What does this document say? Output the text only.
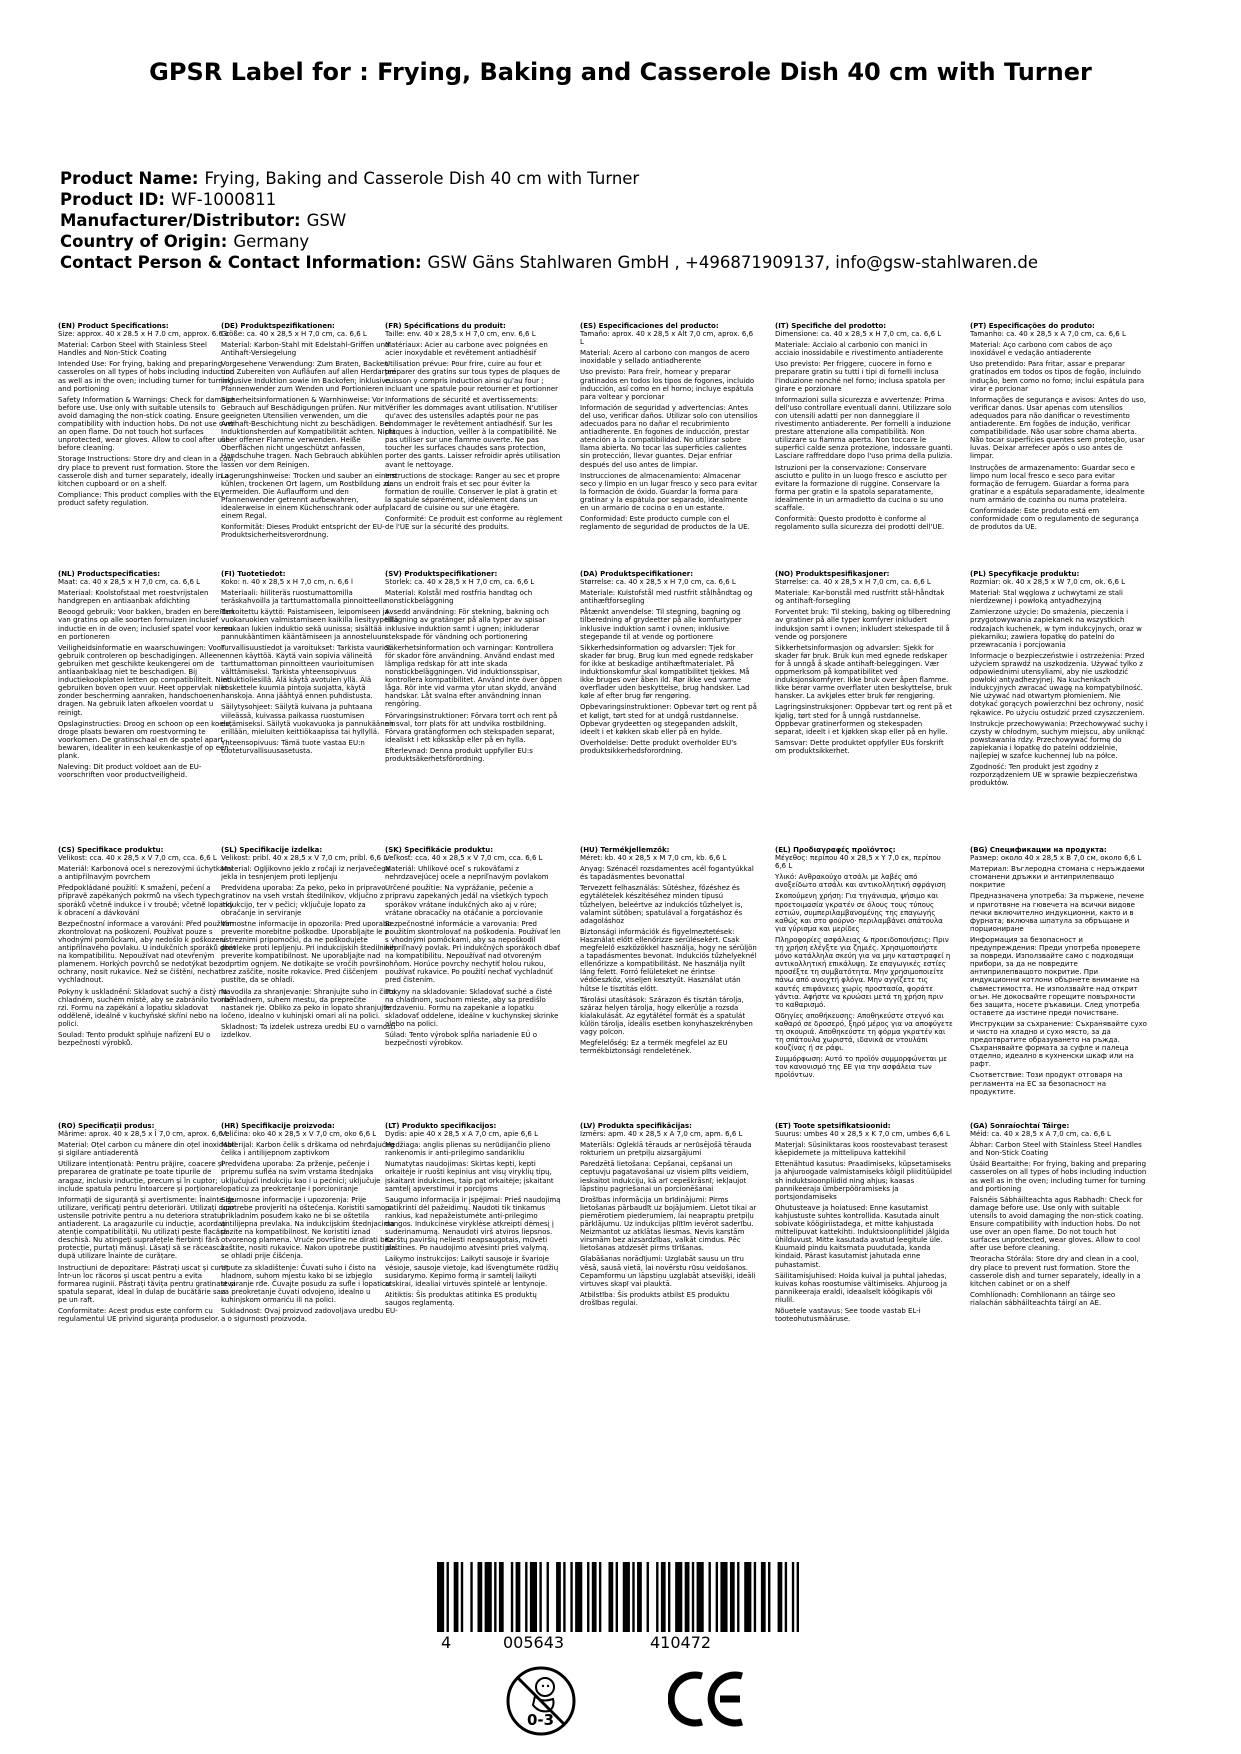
GPSR Label for : Frying, Baking and Casserole Dish 40 cm with Turner
Product Name: Frying, Baking and Casserole Dish 40 cm with Turner
Product ID: WF-1000811
Manufacturer/Distributor: GSW
Country of Origin: Germany
Contact Person & Contact Information: GSW Gäns Stahlwaren GmbH , +496871909137, info@gsw-stahlwaren.de
(EN) Product Specifications:

Size: approx. 40 x 28.5 x H 7.0 cm, approx. 6.6 L

Material: Carbon Steel with Stainless Steel Handles and Non-Stick Coating

Intended Use: For frying, baking and preparing casseroles on all types of hobs including induction as well as in the oven; including turner for turning and portioning

Safety Information & Warnings: Check for damage before use. Use only with suitable utensils to avoid damaging the non-stick coating. Ensure compatibility with induction hobs. Do not use over an open flame. Do not touch hot surfaces unprotected, wear gloves. Allow to cool after use before cleaning.

Storage Instructions: Store dry and clean in a cool, dry place to prevent rust formation. Store the casserole dish and turner separately, ideally in a kitchen cupboard or on a shelf.

Compliance: This product complies with the EU product safety regulation.

(DE) Produktspezifikationen:

Größe: ca. 40 x 28,5 x H 7,0 cm, ca. 6,6 L

Material: Karbon-Stahl mit Edelstahl-Griffen und Antihaft-Versiegelung

Vorgesehene Verwendung: Zum Braten, Backen und Zubereiten von Aufläufen auf allen Herdarten inklusive Induktion sowie im Backofen; inklusive Pfannenwender zum Wenden und Portionieren

Sicherheitsinformationen & Warnhinweise: Vor Gebrauch auf Beschädigungen prüfen. Nur mit geeigneten Utensilien verwenden, um die Antihaft-Beschichtung nicht zu beschädigen. Bei Induktionsherden auf Kompatibilität achten. Nicht über offener Flamme verwenden. Heiße Oberflächen nicht ungeschützt anfassen, Handschuhe tragen. Nach Gebrauch abkühlen lassen vor dem Reinigen.

Lagerungshinweise: Trocken und sauber an einem kühlen, trockenen Ort lagern, um Rostbildung zu vermeiden. Die Auflaufform und den Pfannenwender getrennt aufbewahren, idealerweise in einem Küchenschrank oder auf einem Regal.

Konformität: Dieses Produkt entspricht der EU-Produktsicherheitsverordnung.

(FR) Spécifications du produit:

Taille: env. 40 x 28,5 x H 7,0 cm, env. 6,6 L

Matériaux: Acier au carbone avec poignées en acier inoxydable et revêtement antiadhésif

Utilisation prévue: Pour frire, cuire au four et préparer des gratins sur tous types de plaques de cuisson y compris induction ainsi qu'au four ; incluant une spatule pour retourner et portionner

Informations de sécurité et avertissements: Vérifier les dommages avant utilisation. N'utiliser qu'avec des ustensiles adaptés pour ne pas endommager le revêtement antiadhésif. Sur les plaques à induction, veiller à la compatibilité. Ne pas utiliser sur une flamme ouverte. Ne pas toucher les surfaces chaudes sans protection, porter des gants. Laisser refroidir après utilisation avant le nettoyage.

Instructions de stockage: Ranger au sec et propre dans un endroit frais et sec pour éviter la formation de rouille. Conserver le plat à gratin et la spatule séparément, idéalement dans un placard de cuisine ou sur une étagère.

Conformité: Ce produit est conforme au règlement de l'UE sur la sécurité des produits.

(ES) Especificaciones del producto:

Tamaño: aprox. 40 x 28,5 x Alt 7,0 cm, aprox. 6,6 L

Material: Acero al carbono con mangos de acero inoxidable y sellado antiadherente

Uso previsto: Para freír, hornear y preparar gratinados en todos los tipos de fogones, incluido inducción, así como en el horno; incluye espátula para voltear y porcionar

Información de seguridad y advertencias: Antes del uso, verificar daños. Utilizar solo con utensilios adecuados para no dañar el recubrimiento antiadherente. En fogones de inducción, prestar atención a la compatibilidad. No utilizar sobre llama abierta. No tocar las superficies calientes sin protección, llevar guantes. Dejar enfriar después del uso antes de limpiar.

Instrucciones de almacenamiento: Almacenar seco y limpio en un lugar fresco y seco para evitar la formación de óxido. Guardar la forma para gratinar y la espátula por separado, idealmente en un armario de cocina o en un estante.

Conformidad: Este producto cumple con el reglamento de seguridad de productos de la UE.

(IT) Specifiche del prodotto:

Dimensione: ca. 40 x 28,5 x H 7,0 cm, ca. 6,6 L

Materiale: Acciaio al carbonio con manici in acciaio inossidabile e rivestimento antiaderente

Uso previsto: Per friggere, cuocere in forno e preparare gratin su tutti i tipi di fornelli inclusa l'induzione nonché nel forno; inclusa spatola per girare e porzionare

Informazioni sulla sicurezza e avvertenze: Prima dell'uso controllare eventuali danni. Utilizzare solo con utensili adatti per non danneggiare il rivestimento antiaderente. Per fornelli a induzione prestare attenzione alla compatibilità. Non utilizzare su fiamma aperta. Non toccare le superfici calde senza protezione, indossare guanti. Lasciare raffreddare dopo l'uso prima della pulizia.

Istruzioni per la conservazione: Conservare asciutto e pulito in un luogo fresco e asciutto per evitare la formazione di ruggine. Conservare la forma per gratin e la spatola separatamente, idealmente in un armadietto da cucina o su uno scaffale.

Conformità: Questo prodotto è conforme al regolamento sulla sicurezza dei prodotti dell'UE.

(PT) Especificações do produto:

Tamanho: ca. 40 x 28,5 x A 7,0 cm, ca. 6,6 L

Material: Aço carbono com cabos de aço inoxidável e vedação antiaderente

Uso pretendido: Para fritar, assar e preparar gratinados em todos os tipos de fogão, incluindo indução, bem como no forno; inclui espátula para virar e porcionar

Informações de segurança e avisos: Antes do uso, verificar danos. Usar apenas com utensílios adequados para não danificar o revestimento antiaderente. Em fogões de indução, verificar compatibilidade. Não usar sobre chama aberta. Não tocar superfícies quentes sem proteção, usar luvas. Deixar arrefecer após o uso antes de limpar.

Instruções de armazenamento: Guardar seco e limpo num local fresco e seco para evitar formação de ferrugem. Guardar a forma para gratinar e a espátula separadamente, idealmente num armário de cozinha ou numa prateleira.

Conformidade: Este produto está em conformidade com o regulamento de segurança de produtos da UE.

(NL) Productspecificaties:

Maat: ca. 40 x 28,5 x H 7,0 cm, ca. 6,6 L

Materiaal: Koolstofstaal met roestvrijstalen handgrepen en antiaanbak afdichting

Beoogd gebruik: Voor bakken, braden en bereiden van gratins op alle soorten fornuizen inclusief inductie en in de oven; inclusief spatel voor keren en portioneren

Veiligheidsinformatie en waarschuwingen: Voor gebruik controleren op beschadigingen. Alleen gebruiken met geschikte keukengerei om de antiaanbaklaag niet te beschadigen. Bij inductiekookplaten letten op compatibiliteit. Niet gebruiken boven open vuur. Heet oppervlak niet zonder bescherming aanraken, handschoenen dragen. Na gebruik laten afkoelen voordat u reinigt.

Opslaginstructies: Droog en schoon op een koele, droge plaats bewaren om roestvorming te voorkomen. De gratinschaal en de spatel apart bewaren, idealiter in een keukenkastje of op een plank.

Naleving: Dit product voldoet aan de EU-voorschriften voor productveiligheid.

(FI) Tuotetiedot:

Koko: n. 40 x 28,5 x H 7,0 cm, n. 6,6 l

Materiaali: hiiliteräs ruostumattomilla teräskahvoilla ja tarttumattomalla pinnoitteella

Tarkoitettu käyttö: Paistamiseen, leipomiseen ja vuokaruokien valmistamiseen kaikilla liesityypeillä mukaan lukien induktio sekä uunissa; sisältää pannukääntimen kääntämiseen ja annosteluun

Turvallisuustiedot ja varoitukset: Tarkista vauriot ennen käyttöä. Käytä vain sopivia välineitä tarttumattoman pinnoitteen vaurioitumisen välttämiseksi. Tarkista yhteensopivuus induktioliesillä. Älä käytä avotulen yllä. Älä koskettele kuumia pintoja suojatta, käytä hanskoja. Anna jäähtyä ennen puhdistusta.

Säilytysohjeet: Säilytä kuivana ja puhtaana viileässä, kuivassa paikassa ruostumisen estämiseksi. Säilytä vuokavuoka ja pannukäännin erillään, mieluiten keittiökaapissa tai hyllyllä.

Yhteensopivuus: Tämä tuote vastaa EU:n tuoteturvallisuusasetusta.

(SV) Produktspecifikationer:

Storlek: ca. 40 x 28,5 x H 7,0 cm, ca. 6,6 L

Material: Kolstål med rostfria handtag och nonstickbeläggning

Avsedd användning: För stekning, bakning och tillagning av gratänger på alla typer av spisar inklusive induktion samt i ugnen; inkluderar stekspade för vändning och portionering

Säkerhetsinformation och varningar: Kontrollera för skador före användning. Använd endast med lämpliga redskap för att inte skada nonstickbeläggningen. Vid induktionsspisar, kontrollera kompatibilitet. Använd inte över öppen låga. Rör inte vid varma ytor utan skydd, använd handskar. Låt svalna efter användning innan rengöring.

Förvaringsinstruktioner: Förvara torrt och rent på en sval, torr plats för att undvika rostbildning. Förvara gratängformen och stekspaden separat, idealiskt i ett köksskåp eller på en hylla.

Efterlevnad: Denna produkt uppfyller EU:s produktsäkerhetsförordning.

(DA) Produktspecifikationer:

Størrelse: ca. 40 x 28,5 x H 7,0 cm, ca. 6,6 L

Materiale: Kulstofstål med rustfrit stålhåndtag og antihæftforsegling

Påtænkt anvendelse: Til stegning, bagning og tilberedning af grydeetter på alle komfurtyper inklusive induktion samt i ovnen; inklusive stegepande til at vende og portionere

Sikkerhedsinformation og advarsler: Tjek for skader før brug. Brug kun med egnede redskaber for ikke at beskadige antihæftmaterialet. På induktionskomfur skal kompatibilitet tjekkes. Må ikke bruges over åben ild. Rør ikke ved varme overflader uden beskyttelse, brug handsker. Lad køle af efter brug før rengøring.

Opbevaringsinstruktioner: Opbevar tørt og rent på et køligt, tørt sted for at undgå rustdannelse. Opbevar grydeetten og stegepanden adskilt, ideelt i et køkken skab eller på en hylde.

Overholdelse: Dette produkt overholder EU's produktsikkerhedsforordning.

(NO) Produktspesifikasjoner:

Størrelse: ca. 40 x 28,5 x H 7,0 cm, ca. 6,6 L

Materiale: Kar-bonstål med rustfritt stål-håndtak og antihaft-forsegling

Forventet bruk: Til steking, baking og tilberedning av gratiner på alle typer komfyrer inkludert induksjon samt i ovnen; inkludert stekespade til å vende og porsjonere

Sikkerhetsinformasjon og advarsler: Sjekk for skader før bruk. Bruk kun med egnede redskaper for å unngå å skade antihaft-beleggingen. Vær oppmerksom på kompatibilitet ved induksjonskomfyrer. Ikke bruk over åpen flamme. Ikke berør varme overflater uten beskyttelse, bruk hansker. La avkjøles etter bruk før rengjøring.

Lagringsinstruksjoner: Oppbevar tørt og rent på et kjølig, tørt sted for å unngå rustdannelse. Oppbevar gratinerformen og stekespaden separat, ideelt i et kjøkken skap eller på en hylle.

Samsvar: Dette produktet oppfyller EUs forskrift om produktsikkerhet.

(PL) Specyfikacje produktu:

Rozmiar: ok. 40 x 28,5 x W 7,0 cm, ok. 6,6 L

Materiał: Stal węglowa z uchwytami ze stali nierdzewnej i powłoką antyadhezyjną

Zamierzone użycie: Do smażenia, pieczenia i przygotowywania zapiekanek na wszystkich rodzajach kuchenek, w tym indukcyjnych, oraz w piekarniku; zawiera łopatkę do patelni do przewracania i porcjowania

Informacje o bezpieczeństwie i ostrzeżenia: Przed użyciem sprawdź na uszkodzenia. Używać tylko z odpowiednimi utensyliami, aby nie uszkodzić powłoki antyadhezyjnej. Na kuchenkach indukcyjnych zwracać uwagę na kompatybilność. Nie używać nad otwartym płomieniem. Nie dotykać gorących powierzchni bez ochrony, nosić rękawice. Po użyciu ostudzić przed czyszczeniem.

Instrukcje przechowywania: Przechowywać suchy i czysty w chłodnym, suchym miejscu, aby uniknąć powstawania rdzy. Przechowywać formę do zapiekania i łopatkę do patelni oddzielnie, najlepiej w szafce kuchennej lub na półce.

Zgodność: Ten produkt jest zgodny z rozporządzeniem UE w sprawie bezpieczeństwa produktów.

(CS) Specifikace produktu:

Velikost: cca. 40 x 28,5 x V 7,0 cm, cca. 6,6 L

Materiál: Karbonová ocel s nerezovými úchytkami a antipřilnavým povrchem

Předpokládané použití: K smažení, pečení a přípravě zapékaných pokrmů na všech typech sporáků včetně indukce i v troubě; včetně lopatky k obracení a dávkování

Bezpečnostní informace a varování: Před použitím zkontrolovat na poškození. Používat pouze s vhodnými pomůckami, aby nedošlo k poškození antipřilnavého povlaku. U indukčních sporáků dbát na kompatibilitu. Nepoužívat nad otevřeným plamenem. Horkých povrchů se nedotýkat bez ochrany, nosit rukavice. Než se čištění, nechat vychladnout.

Pokyny k uskladnění: Skladovat suchý a čistý na chladném, suchém místě, aby se zabránilo tvorbě rzi. Formu na zapékání a lopatku skladovat odděleně, ideálně v kuchyňské skříni nebo na polici.

Soulad: Tento produkt splňuje nařízení EU o bezpečnosti výrobků.

(SL) Specifikacije izdelka:

Velikost: pribl. 40 x 28,5 x V 7,0 cm, pribl. 6,6 L

Material: Ogljikovno jeklo z ročaji iz nerjavečega jekla in tesnjenjem proti lepljenju

Predvidena uporaba: Za peko, peko in pripravo gratinov na vseh vrstah štedilnikov, vključno z indukcijo, ter v pečici; vključuje lopato za obračanje in serviranje

Varnostne informacije in opozorila: Pred uporabo preverite morebitne poškodbe. Uporabljajte le z ustreznimi pripomočki, da ne poškodujete prevleke proti lepljenju. Pri indukcijskih štedilnikih preverite kompatibilnost. Ne uporabljajte nad odprtim ognjem. Ne dotikajte se vročih površin brez zaščite, nosite rokavice. Pred čiščenjem pustite, da se ohladi.

Navodila za shranjevanje: Shranjujte suho in čisto na hladnem, suhem mestu, da preprečite nastanek rje. Obliko za peko in lopato shranjujte ločeno, idealno v kuhinjski omari ali na polici.

Skladnost: Ta izdelek ustreza uredbi EU o varnosti izdelkov.

(SK) Špecifikácie produktu:

Veľkosť: cca. 40 x 28,5 x V 7,0 cm, cca. 6,6 L

Materiál: Uhlíkové oceľ s rukoväťami z nehrdzavejúcej ocele a nepriľnavým povlakom

Určené použitie: Na vyprážanie, pečenie a prípravu zapekaných jedál na všetkých typoch sporákov vrátane indukčných ako aj v rúre; vrátane obracačky na otáčanie a porciovanie

Bezpečnostné informácie a varovania: Pred použitím skontrolovať na poškodenia. Používať len s vhodnými pomôckami, aby sa nepoškodil nepriľnavý povlak. Pri indukčných sporákoch dbať na kompatibilitu. Nepoužívať nad otvoreným ohňom. Horúce povrchy nechytiť holou rukou, používať rukavice. Po použití nechať vychladnúť pred čistením.

Pokyny na skladovanie: Skladovať suché a čisté na chladnom, suchom mieste, aby sa predišlo hrdzaveniu. Formu na zapekanie a lopatku skladovať oddelene, ideálne v kuchynskej skrinke alebo na polici.

Súlad: Tento výrobok spĺňa nariadenie EÚ o bezpečnosti výrobkov.

(HU) Termékjellemzők:

Méret: kb. 40 x 28,5 x M 7,0 cm, kb. 6,6 L

Anyag: Szénacél rozsdamentes acél fogantyúkkal és tapadásmentes bevonattal

Tervezett felhasználás: Sütéshez, főzéshez és egytálételek készítéséhez minden típusú tűzhelyen, beleértve az indukciós tűzhelyet is, valamint sütőben; spatulával a forgatáshoz és adagoláshoz

Biztonsági információk és figyelmeztetések: Használat előtt ellenőrizze sérülésekért. Csak megfelelő eszközökkel használja, hogy ne sérüljön a tapadásmentes bevonat. Indukciós tűzhelyeknél ellenőrizze a kompatibilitást. Ne használja nyílt láng felett. Forró felületeket ne érintse védőeszköz, viseljen kesztyűt. Használat után hűtse le tisztítás előtt.

Tárolási utasítások: Szárazon és tisztán tárolja, száraz helyen tárolja, hogy elkerülje a rozsda kialakulását. Az egytálétel formát és a spatulát külön tárolja, ideális esetben konyhaszekrényben vagy polcon.

Megfelelőség: Ez a termék megfelel az EU termékbiztonsági rendeletének.

(EL) Προδιαγραφές προϊόντος:

Μέγεθος: περίπου 40 x 28,5 x Υ 7,0 εκ, περίπου 6,6 L

Υλικό: Ανθρακούχο ατσάλι με λαβές από ανοξείδωτο ατσάλι και αντικολλητική σφράγιση

Σκοπούμενη χρήση: Για τηγάνισμα, ψήσιμο και προετοιμασία γκρατέν σε όλους τους τύπους εστιών, συμπεριλαμβανομένης της επαγωγής καθώς και στο φούρνο· περιλαμβάνει σπάτουλα για γύρισμα και μερίδες

Πληροφορίες ασφάλειας & προειδοποιήσεις: Πριν τη χρήση ελέγξτε για ζημιές. Χρησιμοποιήστε μόνο κατάλληλα σκεύη για να μην καταστραφεί η αντικολλητική επικάλυψη. Σε επαγωγικές εστίες προσέξτε τη συμβατότητα. Μην χρησιμοποιείτε πάνω από ανοιχτή φλόγα. Μην αγγίζετε τις καυτές επιφάνειες χωρίς προστασία, φοράτε γάντια. Αφήστε να κρυώσει μετά τη χρήση πριν το καθαρισμό.

Οδηγίες αποθήκευσης: Αποθηκεύστε στεγνό και καθαρό σε δροσερό, ξηρό μέρος για να αποφύγετε τη σκουριά. Αποθηκεύστε τη φόρμα γκρατέν και τη σπάτουλα χωριστά, ιδανικά σε ντουλάπι κουζίνας ή σε ράφι.

Συμμόρφωση: Αυτό το προϊόν συμμορφώνεται με τον κανονισμό της ΕΕ για την ασφάλεια των προϊόντων.

(BG) Спецификации на продукта:

Размер: около 40 x 28,5 x В 7,0 см, около 6,6 L

Материал: Въглеродна стомана с неръждаеми стоманени дръжки и антиприлепващо покритие

Предназначена употреба: За пържене, печене и приготвяне на гювечета на всички видове печки включително индукционни, както и в фурната; включва шпатула за обръщане и порциониране

Информация за безопасност и предупреждения: Преди употреба проверете за повреди. Използвайте само с подходящи прибори, за да не повредите антиприлепващото покритие. При индукционни котлони обърнете внимание на съвместимостта. Не използвайте над открит огън. Не докосвайте горещите повърхности без защита, носете ръкавици. След употреба оставете да изстине преди почистване.

Инструкции за съхранение: Съхранявайте сухо и чисто на хладно и сухо място, за да предотвратите образуването на ръжда. Съхранявайте формата за суфле и палеца отделно, идеално в кухненски шкаф или на рафт.

Съответствие: Този продукт отговаря на регламента на ЕС за безопасност на продуктите.

(RO) Specificații produs:

Mărime: aprox. 40 x 28,5 x Î 7,0 cm, aprox. 6,6 L

Material: Oțel carbon cu mânere din oțel inoxidabil și sigilare antiaderentă

Utilizare intenționată: Pentru prăjire, coacere și prepararea de gratinate pe toate tipurile de aragaz, inclusiv inducție, precum și în cuptor; include spatula pentru întoarcere și porționare

Informații de siguranță și avertismente: Înainte de utilizare, verificați pentru deteriorări. Utilizați doar ustensile potrivite pentru a nu deteriora stratul antiaderent. La aragazurile cu inducție, acordați atenție compatibilității. Nu utilizați peste flacără deschisă. Nu atingeți suprafețele fierbinți fără protecție, purtați mănuși. Lăsați să se răcească după utilizare înainte de curățare.

Instrucțiuni de depozitare: Păstrați uscat și curat într-un loc răcoros și uscat pentru a evita formarea ruginii. Păstrați tăvița pentru gratinate și spatula separat, ideal în dulap de bucătărie sau pe un raft.

Conformitate: Acest produs este conform cu regulamentul UE privind siguranța produselor.

(HR) Specifikacije proizvoda:

Veličina: oko 40 x 28,5 x V 7,0 cm, oko 6,6 L

Materijal: Karbon čelik s drškama od nehrđajućeg čelika i antilijepnom zaptivkom

Predviđena uporaba: Za prženje, pečenje i pripremu sufléa na svim vrstama štednjaka uključujući indukciju kao i u pećnici; uključuje lopaticu za preokretanje i porcioniranje

Sigurnosne informacije i upozorenja: Prije upotrebe provjeriti na oštećenja. Koristiti samo s prikladnim posuđem kako ne bi se oštetila antilijepna prevlaka. Na indukcijskim štednjacima pazite na kompatibilnost. Ne koristiti iznad otvorenog plamena. Vruće površine ne dirati bez zaštite, nositi rukavice. Nakon upotrebe pustiti da se ohladi prije čišćenja.

Upute za skladištenje: Čuvati suho i čisto na hladnom, suhom mjestu kako bi se izbjeglo stvaranje rđe. Čuvajte posudu za sufle i lopaticu za preokretanje čuvati odvojeno, idealno u kuhinjskom ormariću ili na polici.

Sukladnost: Ovaj proizvod zadovoljava uredbu EU-a o sigurnosti proizvoda.

(LT) Produkto specifikacijos:

Dydis: apie 40 x 28,5 x A 7,0 cm, apie 6,6 L

Medžiaga: anglis plienas su nerūdijančio plieno rankenomis ir anti-prilegimo sandarikliu

Numatytas naudojimas: Skirtas kepti, kepti orkaitėje ir ruošti kepinius ant visų viryklių tipų, įskaitant indukcines, taip pat orkaitėje; įskaitant samtelį apverstimui ir porcijoms

Saugumo informacija ir įspėjimai: Prieš naudojimą patikrinti dėl pažeidimų. Naudoti tik tinkamus rankius, kad nepažeistumėte anti-prilegimo dangos. Indukcinėse viryklėse atkreipti dėmesį į suderinamumą. Nenaudoti virš atviros liepsnos. Karštų paviršių neliesti neapsaugotais, mūvėti pirštines. Po naudojimo atvėsinti prieš valymą.

Laikymo instrukcijos: Laikyti sausoje ir švarioje vėsioje, sausoje vietoje, kad išvengtumėte rūdžių susidarymo. Kepimo formą ir samtelį laikyti atskirai, idealiai virtuvės spintelė ar lentynoje.

Atitiktis: Šis produktas atitinka ES produktų saugos reglamentą.

(LV) Produkta specifikācijas:

Izmērs: apm. 40 x 28,5 x A 7,0 cm, apm. 6,6 L

Materiāls: Ogleklā tērauds ar nerūsējošā tērauda rokturiem un pretpiļu aizsargājumi

Paredzētā lietošana: Cepšanai, cepšanai un ceptuvju pagatavošanai uz visiem plīts veidiem, ieskaitot indukciju, kā arī cepeškrāsnī; iekļaujot lāpstiņu pagriešanai un porcionēšanai

Drošības informācija un brīdinājumi: Pirms lietošanas pārbaudīt uz bojājumiem. Lietot tikai ar piemērotiem piederumiem, lai neapraptu pretpiļu pārklājumu. Uz indukcijas plītīm ievērot saderību. Neizmantot uz atklātas liesmas. Nevis karstām virsmām bez aizsardzības, valkāt cimdus. Pēc lietošanas atdzesēt pirms tīrīšanas.

Glabāšanas norādījumi: Uzglabāt sausu un tīru vēsā, sausā vietā, lai novērstu rūsu veidošanos. Cepamformu un lāpstiņu uzglabāt atsevišķi, ideāli virtuves skapī vai plauktā.

Atbilstība: Šis produkts atbilst ES produktu drošības regulai.

(ET) Toote spetsifikatsioonid:

Suurus: umbes 40 x 28,5 x K 7,0 cm, umbes 6,6 L

Materjal: Süsiniktaras koos roostevabast terasest käepidemete ja mittelipuva kattekihil

Ettenähtud kasutus: Praadimiseks, küpsetamiseks ja ahjuroogade valmistamiseks kõigil pliiditüüpidel sh induktsioonpliidid ning ahjus; kaasas pannikeeraja ümberpööramiseks ja portsjondamiseks

Ohutusteave ja hoiatused: Enne kasutamist kahjustuste suhtes kontrollida. Kasutada ainult sobivate köögiriistadega, et mitte kahjustada mittelipuvat kattekihti. Induktsioonpliitidel jälgida ühilduvust. Mitte kasutada avatud leegitule üle. Kuumaid pindu kaitsmata puudutada, kanda kindaid. Pärast kasutamist jahutada enne puhastamist.

Säilitamisjuhised: Hoida kuival ja puhtal jahedas, kuivas kohas roostumise vältimiseks. Ahjuroog ja pannikeeraja eraldi, ideaalselt köögikapis või riiulil.

Nõuetele vastavus: See toode vastab EL-i tooteohutusmääruse.

(GA) Sonraíochtaí Táirge:

Méid: ca. 40 x 28,5 x A 7,0 cm, ca. 6,6 L

Ábhar: Carbon Steel with Stainless Steel Handles and Non-Stick Coating

Úsáid Beartaithe: For frying, baking and preparing casseroles on all types of hobs including induction as well as in the oven; including turner for turning and portioning

Faisnéis Sábháilteachta agus Rabhadh: Check for damage before use. Use only with suitable utensils to avoid damaging the non-stick coating. Ensure compatibility with induction hobs. Do not use over an open flame. Do not touch hot surfaces unprotected, wear gloves. Allow to cool after use before cleaning.

Treoracha Stórála: Store dry and clean in a cool, dry place to prevent rust formation. Store the casserole dish and turner separately, ideally in a kitchen cabinet or on a shelf

Comhlíonadh: Comhlíonann an táirge seo rialachán sábháilteachta táirgí an AE.

4	005643	410472
0-3
